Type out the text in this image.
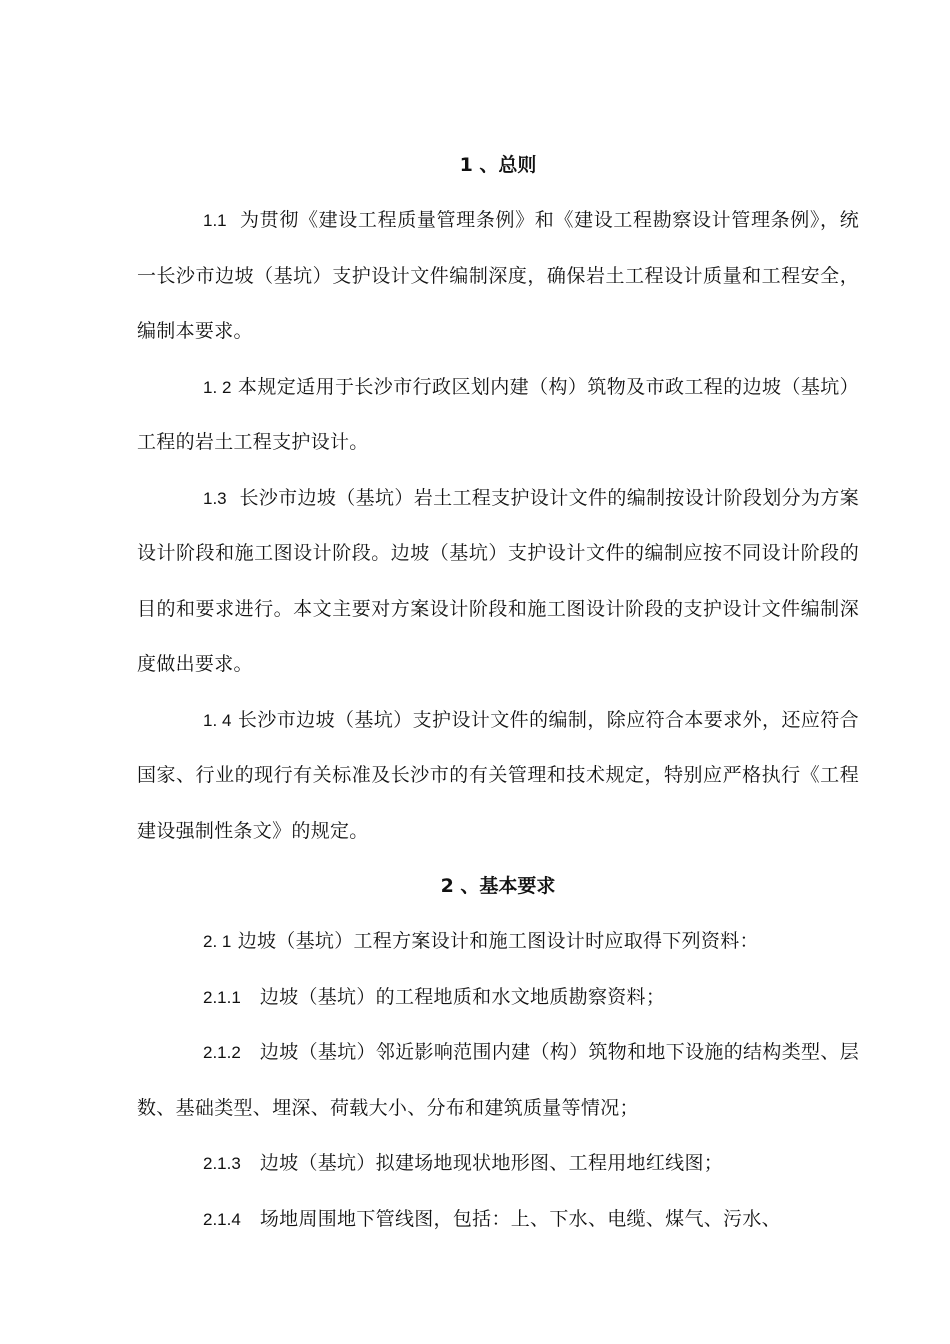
1 、总则

1.1 为贯彻《建设工程质量管理条例》和《建设工程勘察设计管理条例》，统一长沙市边坡（基坑）支护设计文件编制深度，确保岩土工程设计质量和工程安全，编制本要求。

1. 2 本规定适用于长沙市行政区划内建（构）筑物及市政工程的边坡（基坑）工程的岩土工程支护设计。

1.3 长沙市边坡（基坑）岩土工程支护设计文件的编制按设计阶段划分为方案设计阶段和施工图设计阶段。边坡（基坑）支护设计文件的编制应按不同设计阶段的目的和要求进行。本文主要对方案设计阶段和施工图设计阶段的支护设计文件编制深度做出要求。

1. 4 长沙市边坡（基坑）支护设计文件的编制，除应符合本要求外，还应符合国家、行业的现行有关标准及长沙市的有关管理和技术规定，特别应严格执行《工程建设强制性条文》的规定。

2 、基本要求

2. 1 边坡（基坑）工程方案设计和施工图设计时应取得下列资料：

2.1.1 边坡（基坑）的工程地质和水文地质勘察资料；

2.1.2 边坡（基坑）邻近影响范围内建（构）筑物和地下设施的结构类型、层数、基础类型、埋深、荷载大小、分布和建筑质量等情况；

2.1.3 边坡（基坑）拟建场地现状地形图、工程用地红线图；

2.1.4 场地周围地下管线图，包括：上、下水、电缆、煤气、污水、
